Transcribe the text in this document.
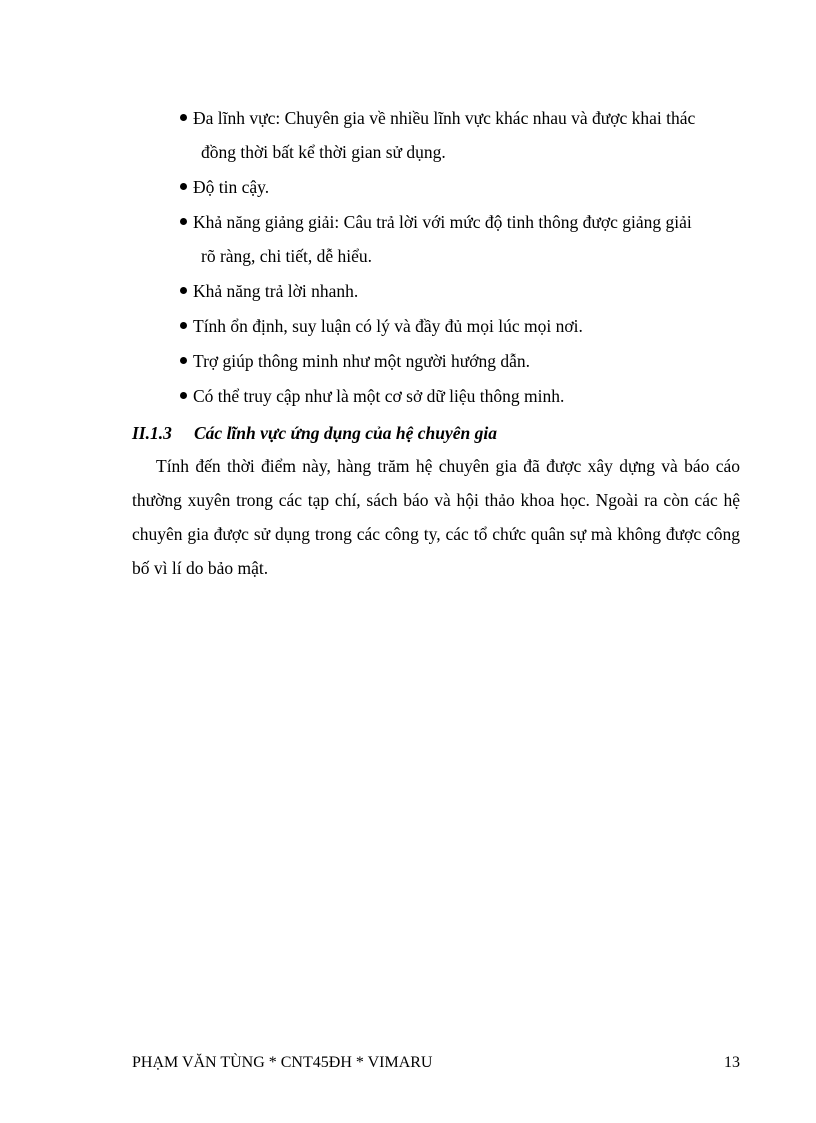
Đa lĩnh vực: Chuyên gia về nhiều lĩnh vực khác nhau và được khai thác
đồng thời bất kể thời gian sử dụng.
Độ tin cậy.
Khả năng giảng giải: Câu trả lời với mức độ tinh thông được giảng giải
rõ ràng, chi tiết, dễ hiểu.
Khả năng trả lời nhanh.
Tính ổn định, suy luận có lý và đầy đủ mọi lúc mọi nơi.
Trợ giúp thông minh như một người hướng dẫn.
Có thể truy cập như là một cơ sở dữ liệu thông minh.
II.1.3 Các lĩnh vực ứng dụng của hệ chuyên gia

Tính đến thời điểm này, hàng trăm hệ chuyên gia đã được xây dựng và báo cáo thường xuyên trong các tạp chí, sách báo và hội thảo khoa học. Ngoài ra còn các hệ chuyên gia được sử dụng trong các công ty, các tổ chức quân sự mà không được công bố vì lí do bảo mật.

PHẠM VĂN TÙNG * CNT45ĐH * VIMARU	13
